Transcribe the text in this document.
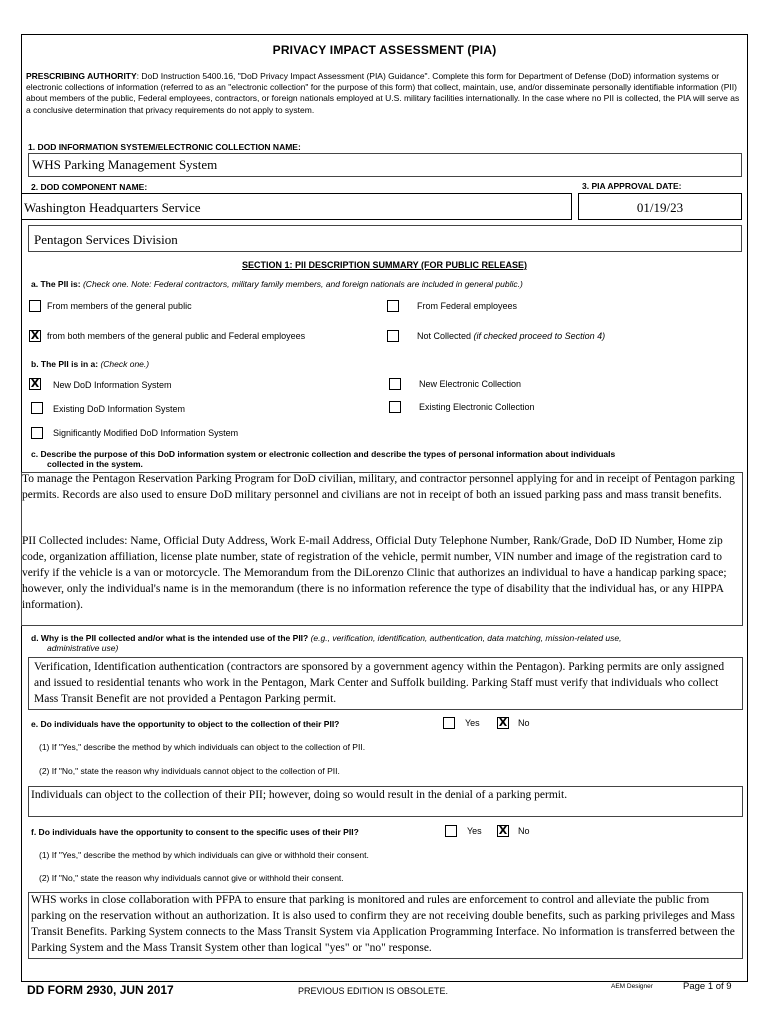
PRIVACY IMPACT ASSESSMENT (PIA)
PRESCRIBING AUTHORITY: DoD Instruction 5400.16, "DoD Privacy Impact Assessment (PIA) Guidance". Complete this form for Department of Defense (DoD) information systems or electronic collections of information (referred to as an "electronic collection" for the purpose of this form) that collect, maintain, use, and/or disseminate personally identifiable information (PII) about members of the public, Federal employees, contractors, or foreign nationals employed at U.S. military facilities internationally. In the case where no PII is collected, the PIA will serve as a conclusive determination that privacy requirements do not apply to system.
1. DOD INFORMATION SYSTEM/ELECTRONIC COLLECTION NAME:
WHS Parking Management System
2. DOD COMPONENT NAME:	3. PIA APPROVAL DATE:
Washington Headquarters Service	01/19/23
Pentagon Services Division
SECTION 1: PII DESCRIPTION SUMMARY (FOR PUBLIC RELEASE)
a. The PII is: (Check one. Note: Federal contractors, military family members, and foreign nationals are included in general public.)
From members of the general public	From Federal employees
X from both members of the general public and Federal employees	Not Collected (if checked proceed to Section 4)
b. The PII is in a: (Check one.)
X New DoD Information System	New Electronic Collection
Existing DoD Information System	Existing Electronic Collection
Significantly Modified DoD Information System
c. Describe the purpose of this DoD information system or electronic collection and describe the types of personal information about individuals
collected in the system.
To manage the Pentagon Reservation Parking Program for DoD civilian, military, and contractor personnel applying for and in receipt of Pentagon parking permits. Records are also used to ensure DoD military personnel and civilians are not in receipt of both an issued parking pass and mass transit benefits.
PII Collected includes: Name, Official Duty Address, Work E-mail Address, Official Duty Telephone Number, Rank/Grade, DoD ID Number, Home zip code, organization affiliation, license plate number, state of registration of the vehicle, permit number, VIN number and image of the registration card to verify if the vehicle is a van or motorcycle. The Memorandum from the DiLorenzo Clinic that authorizes an individual to have a handicap parking space; however, only the individual's name is in the memorandum (there is no information reference the type of disability that the individual has, or any HIPPA information).
d. Why is the PII collected and/or what is the intended use of the PII? (e.g., verification, identification, authentication, data matching, mission-related use,
administrative use)
Verification, Identification authentication (contractors are sponsored by a government agency within the Pentagon). Parking permits are only assigned and issued to residential tenants who work in the Pentagon, Mark Center and Suffolk building. Parking Staff must verify that individuals who collect Mass Transit Benefit are not provided a Pentagon Parking permit.
e. Do individuals have the opportunity to object to the collection of their PII?	Yes X No
(1) If "Yes," describe the method by which individuals can object to the collection of PII.
(2) If "No," state the reason why individuals cannot object to the collection of PII.
Individuals can object to the collection of their PII; however, doing so would result in the denial of a parking permit.
f. Do individuals have the opportunity to consent to the specific uses of their PII?	Yes X No
(1) If "Yes," describe the method by which individuals can give or withhold their consent.
(2) If "No," state the reason why individuals cannot give or withhold their consent.
WHS works in close collaboration with PFPA to ensure that parking is monitored and rules are enforcement to control and alleviate the public from parking on the reservation without an authorization. It is also used to confirm they are not receiving double benefits, such as parking privileges and Mass Transit Benefits. Parking System connects to the Mass Transit System via Application Programming Interface. No information is transferred between the Parking System and the Mass Transit System other than logical "yes" or "no" response.
DD FORM 2930, JUN 2017	PREVIOUS EDITION IS OBSOLETE.	AEM Designer	Page 1 of 9
